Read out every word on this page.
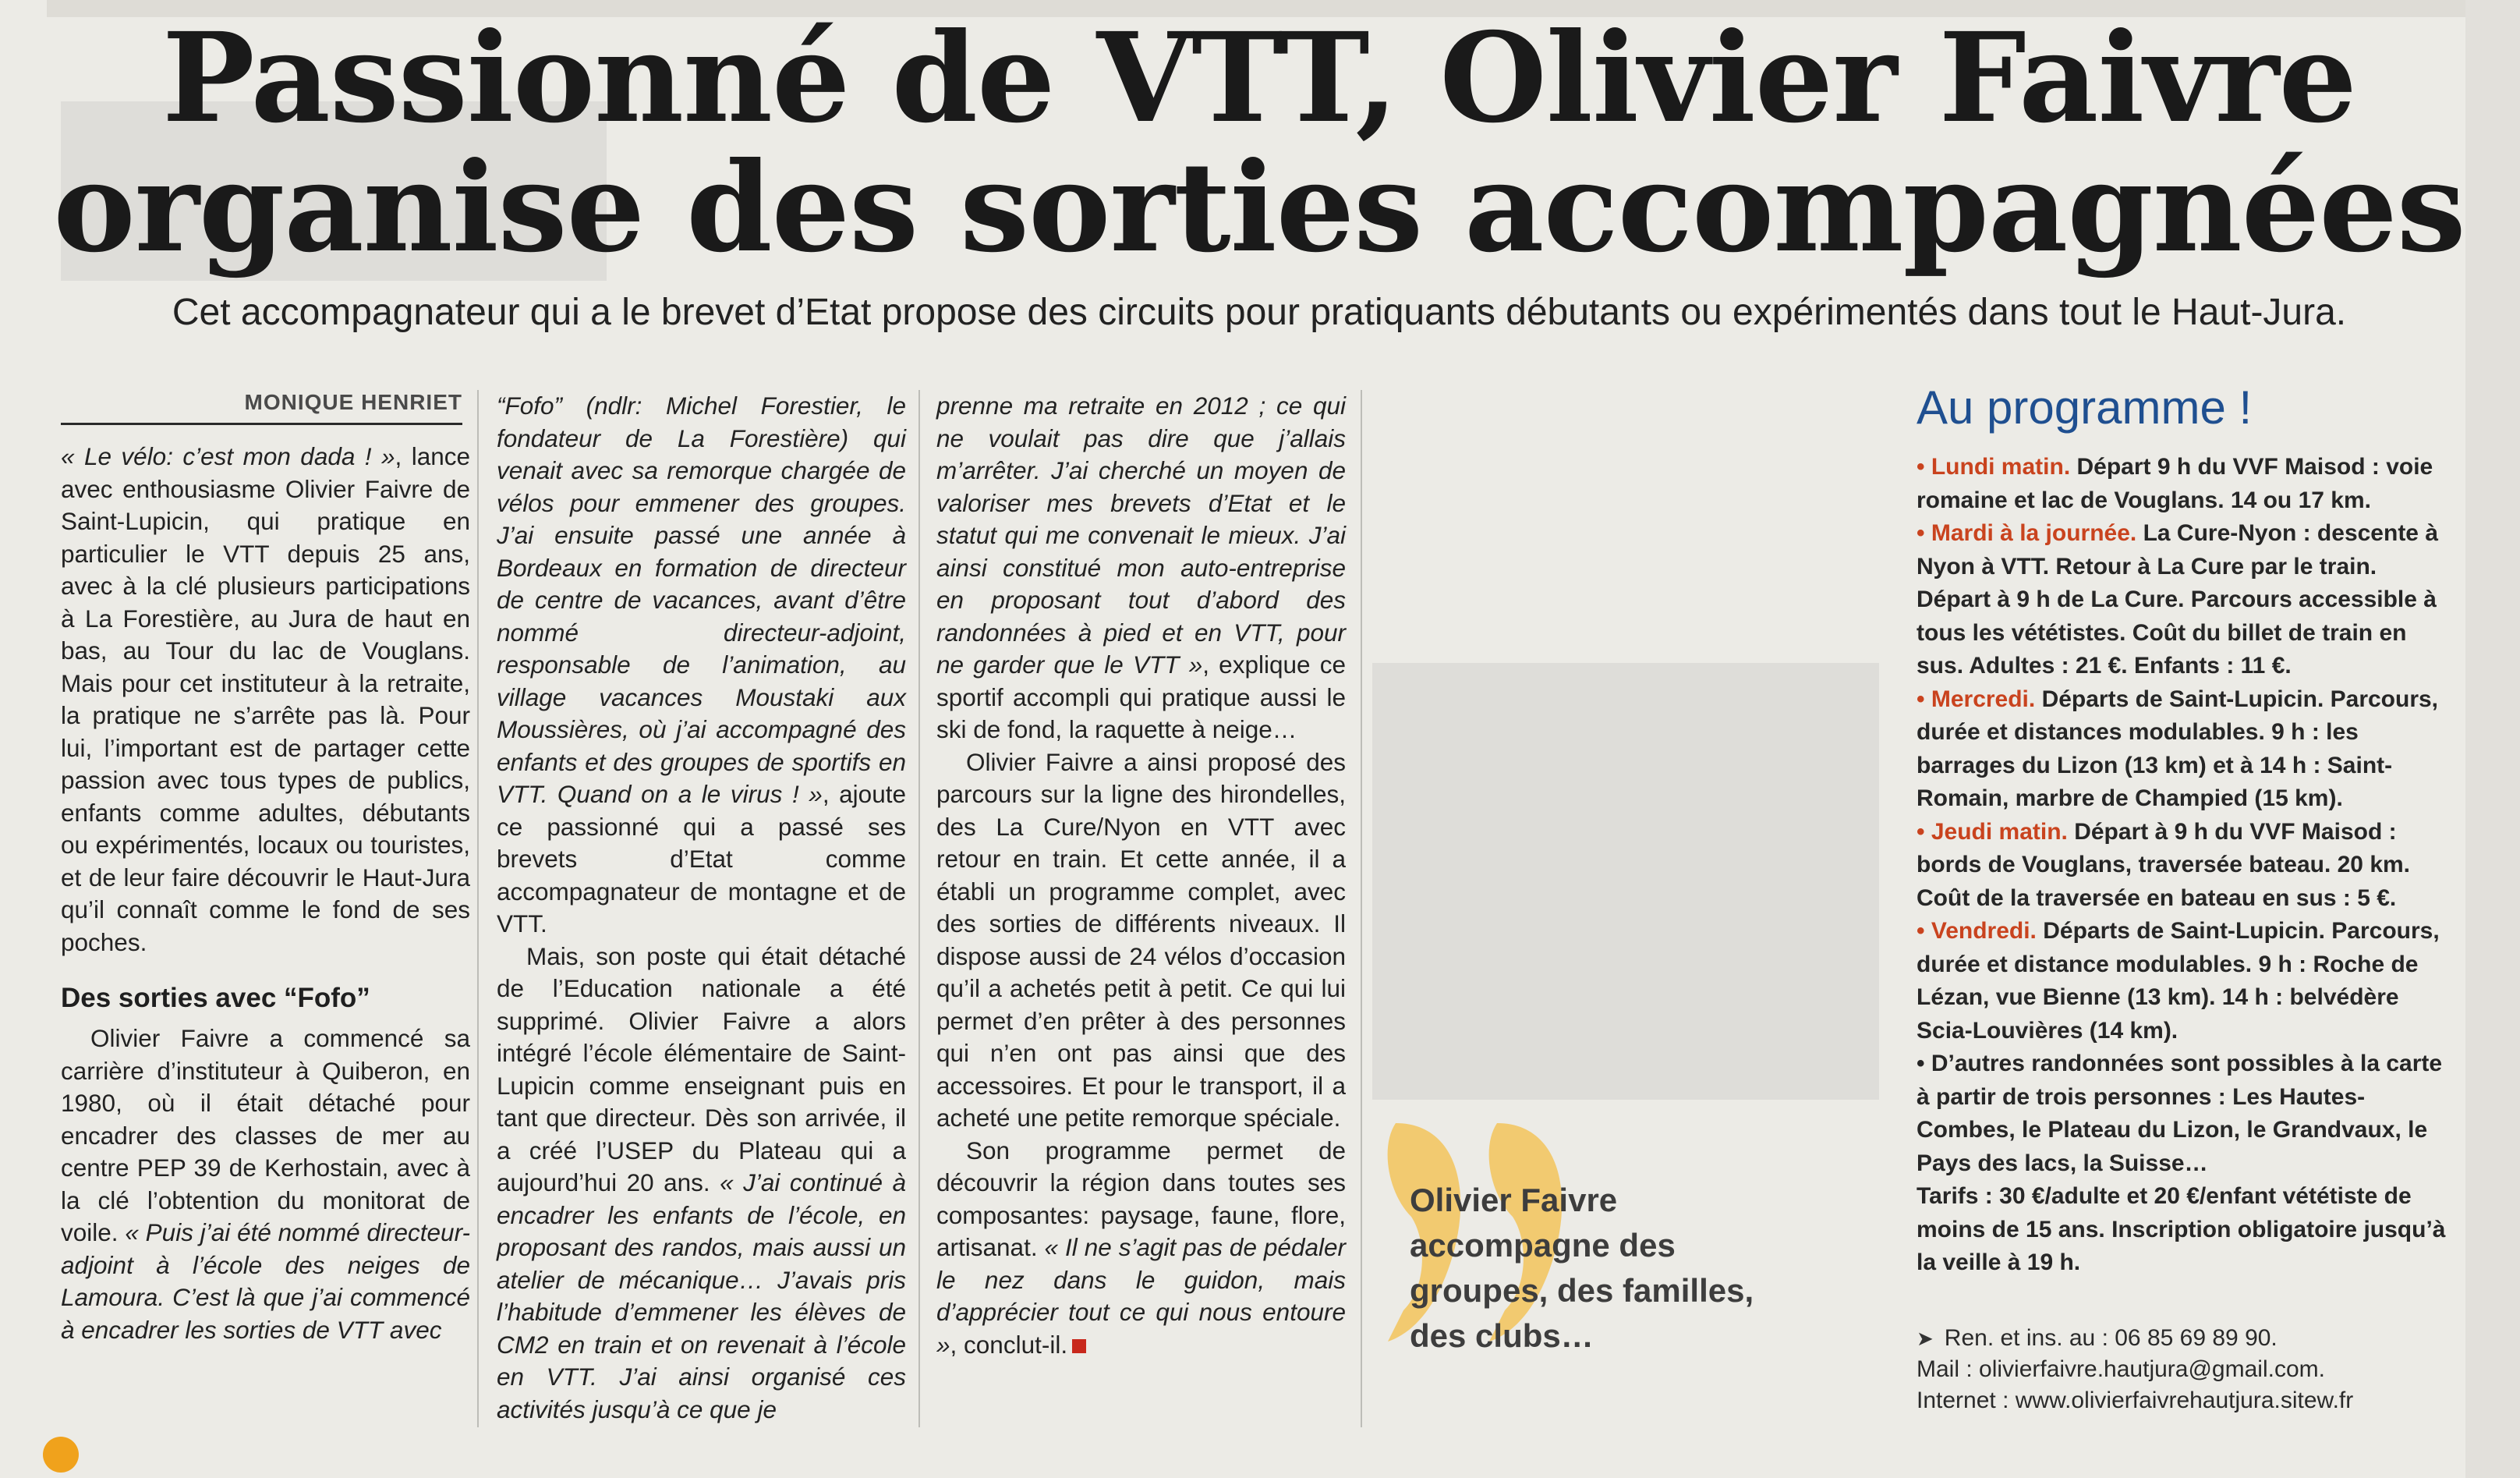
Passionné de VTT, Olivier Faivre
organise des sorties accompagnées

Cet accompagnateur qui a le brevet d’Etat propose des circuits pour pratiquants débutants ou expérimentés dans tout le Haut-Jura.

MONIQUE HENRIET

« Le vélo: c’est mon dada ! », lance avec enthousiasme Olivier Faivre de Saint-Lupicin, qui pratique en particulier le VTT depuis 25 ans, avec à la clé plusieurs participations à La Forestière, au Jura de haut en bas, au Tour du lac de Vouglans. Mais pour cet instituteur à la retraite, la pratique ne s’arrête pas là. Pour lui, l’important est de partager cette passion avec tous types de publics, enfants comme adultes, débutants ou expérimentés, locaux ou touristes, et de leur faire découvrir le Haut-Jura qu’il connaît comme le fond de ses poches.

Des sorties avec “Fofo”

Olivier Faivre a commencé sa carrière d’instituteur à Quiberon, en 1980, où il était détaché pour encadrer des classes de mer au centre PEP 39 de Kerhostain, avec à la clé l’obtention du monitorat de voile. « Puis j’ai été nommé directeur-adjoint à l’école des neiges de Lamoura. C’est là que j’ai commencé à encadrer les sorties de VTT avec

“Fofo” (ndlr: Michel Forestier, le fondateur de La Forestière) qui venait avec sa remorque chargée de vélos pour emmener des groupes. J’ai ensuite passé une année à Bordeaux en formation de directeur de centre de vacances, avant d’être nommé directeur-adjoint, responsable de l’animation, au village vacances Moustaki aux Moussières, où j’ai accompagné des enfants et des groupes de sportifs en VTT. Quand on a le virus ! », ajoute ce passionné qui a passé ses brevets d’Etat comme accompagnateur de montagne et de VTT.

Mais, son poste qui était détaché de l’Education nationale a été supprimé. Olivier Faivre a alors intégré l’école élémentaire de Saint-Lupicin comme enseignant puis en tant que directeur. Dès son arrivée, il a créé l’USEP du Plateau qui a aujourd’hui 20 ans. « J’ai continué à encadrer les enfants de l’école, en proposant des randos, mais aussi un atelier de mécanique… J’avais pris l’habitude d’emmener les élèves de CM2 en train et on revenait à l’école en VTT. J’ai ainsi organisé ces activités jusqu’à ce que je

prenne ma retraite en 2012 ; ce qui ne voulait pas dire que j’allais m’arrêter. J’ai cherché un moyen de valoriser mes brevets d’Etat et le statut qui me convenait le mieux. J’ai ainsi constitué mon auto-entreprise en proposant tout d’abord des randonnées à pied et en VTT, pour ne garder que le VTT », explique ce sportif accompli qui pratique aussi le ski de fond, la raquette à neige…

Olivier Faivre a ainsi proposé des parcours sur la ligne des hirondelles, des La Cure/Nyon en VTT avec retour en train. Et cette année, il a établi un programme complet, avec des sorties de différents niveaux. Il dispose aussi de 24 vélos d’occasion qu’il a achetés petit à petit. Ce qui lui permet d’en prêter à des personnes qui n’en ont pas ainsi que des accessoires. Et pour le transport, il a acheté une petite remorque spéciale.

Son programme permet de découvrir la région dans toutes ses composantes: paysage, faune, flore, artisanat. « Il ne s’agit pas de pédaler le nez dans le guidon, mais d’apprécier tout ce qui nous entoure », conclut-il.

Olivier Faivre accompagne des groupes, des familles, des clubs…
Au programme !

• Lundi matin. Départ 9 h du VVF Maisod : voie romaine et lac de Vouglans. 14 ou 17 km.

• Mardi à la journée. La Cure-Nyon : descente à Nyon à VTT. Retour à La Cure par le train. Départ à 9 h de La Cure. Parcours accessible à tous les vététistes. Coût du billet de train en sus. Adultes : 21 €. Enfants : 11 €.

• Mercredi. Départs de Saint-Lupicin. Parcours, durée et distances modulables. 9 h : les barrages du Lizon (13 km) et à 14 h : Saint-Romain, marbre de Champied (15 km).

• Jeudi matin. Départ à 9 h du VVF Maisod : bords de Vouglans, traversée bateau. 20 km. Coût de la traversée en bateau en sus : 5 €.

• Vendredi. Départs de Saint-Lupicin. Parcours, durée et distance modulables. 9 h : Roche de Lézan, vue Bienne (13 km). 14 h : belvédère Scia-Louvières (14 km).

• D’autres randonnées sont possibles à la carte à partir de trois personnes : Les Hautes-Combes, le Plateau du Lizon, le Grandvaux, le Pays des lacs, la Suisse…

Tarifs : 30 €/adulte et 20 €/enfant vététiste de moins de 15 ans. Inscription obligatoire jusqu’à la veille à 19 h.

➤ Ren. et ins. au : 06 85 69 89 90.

Mail : olivierfaivre.hautjura@gmail.com.

Internet : www.olivierfaivrehautjura.sitew.fr
